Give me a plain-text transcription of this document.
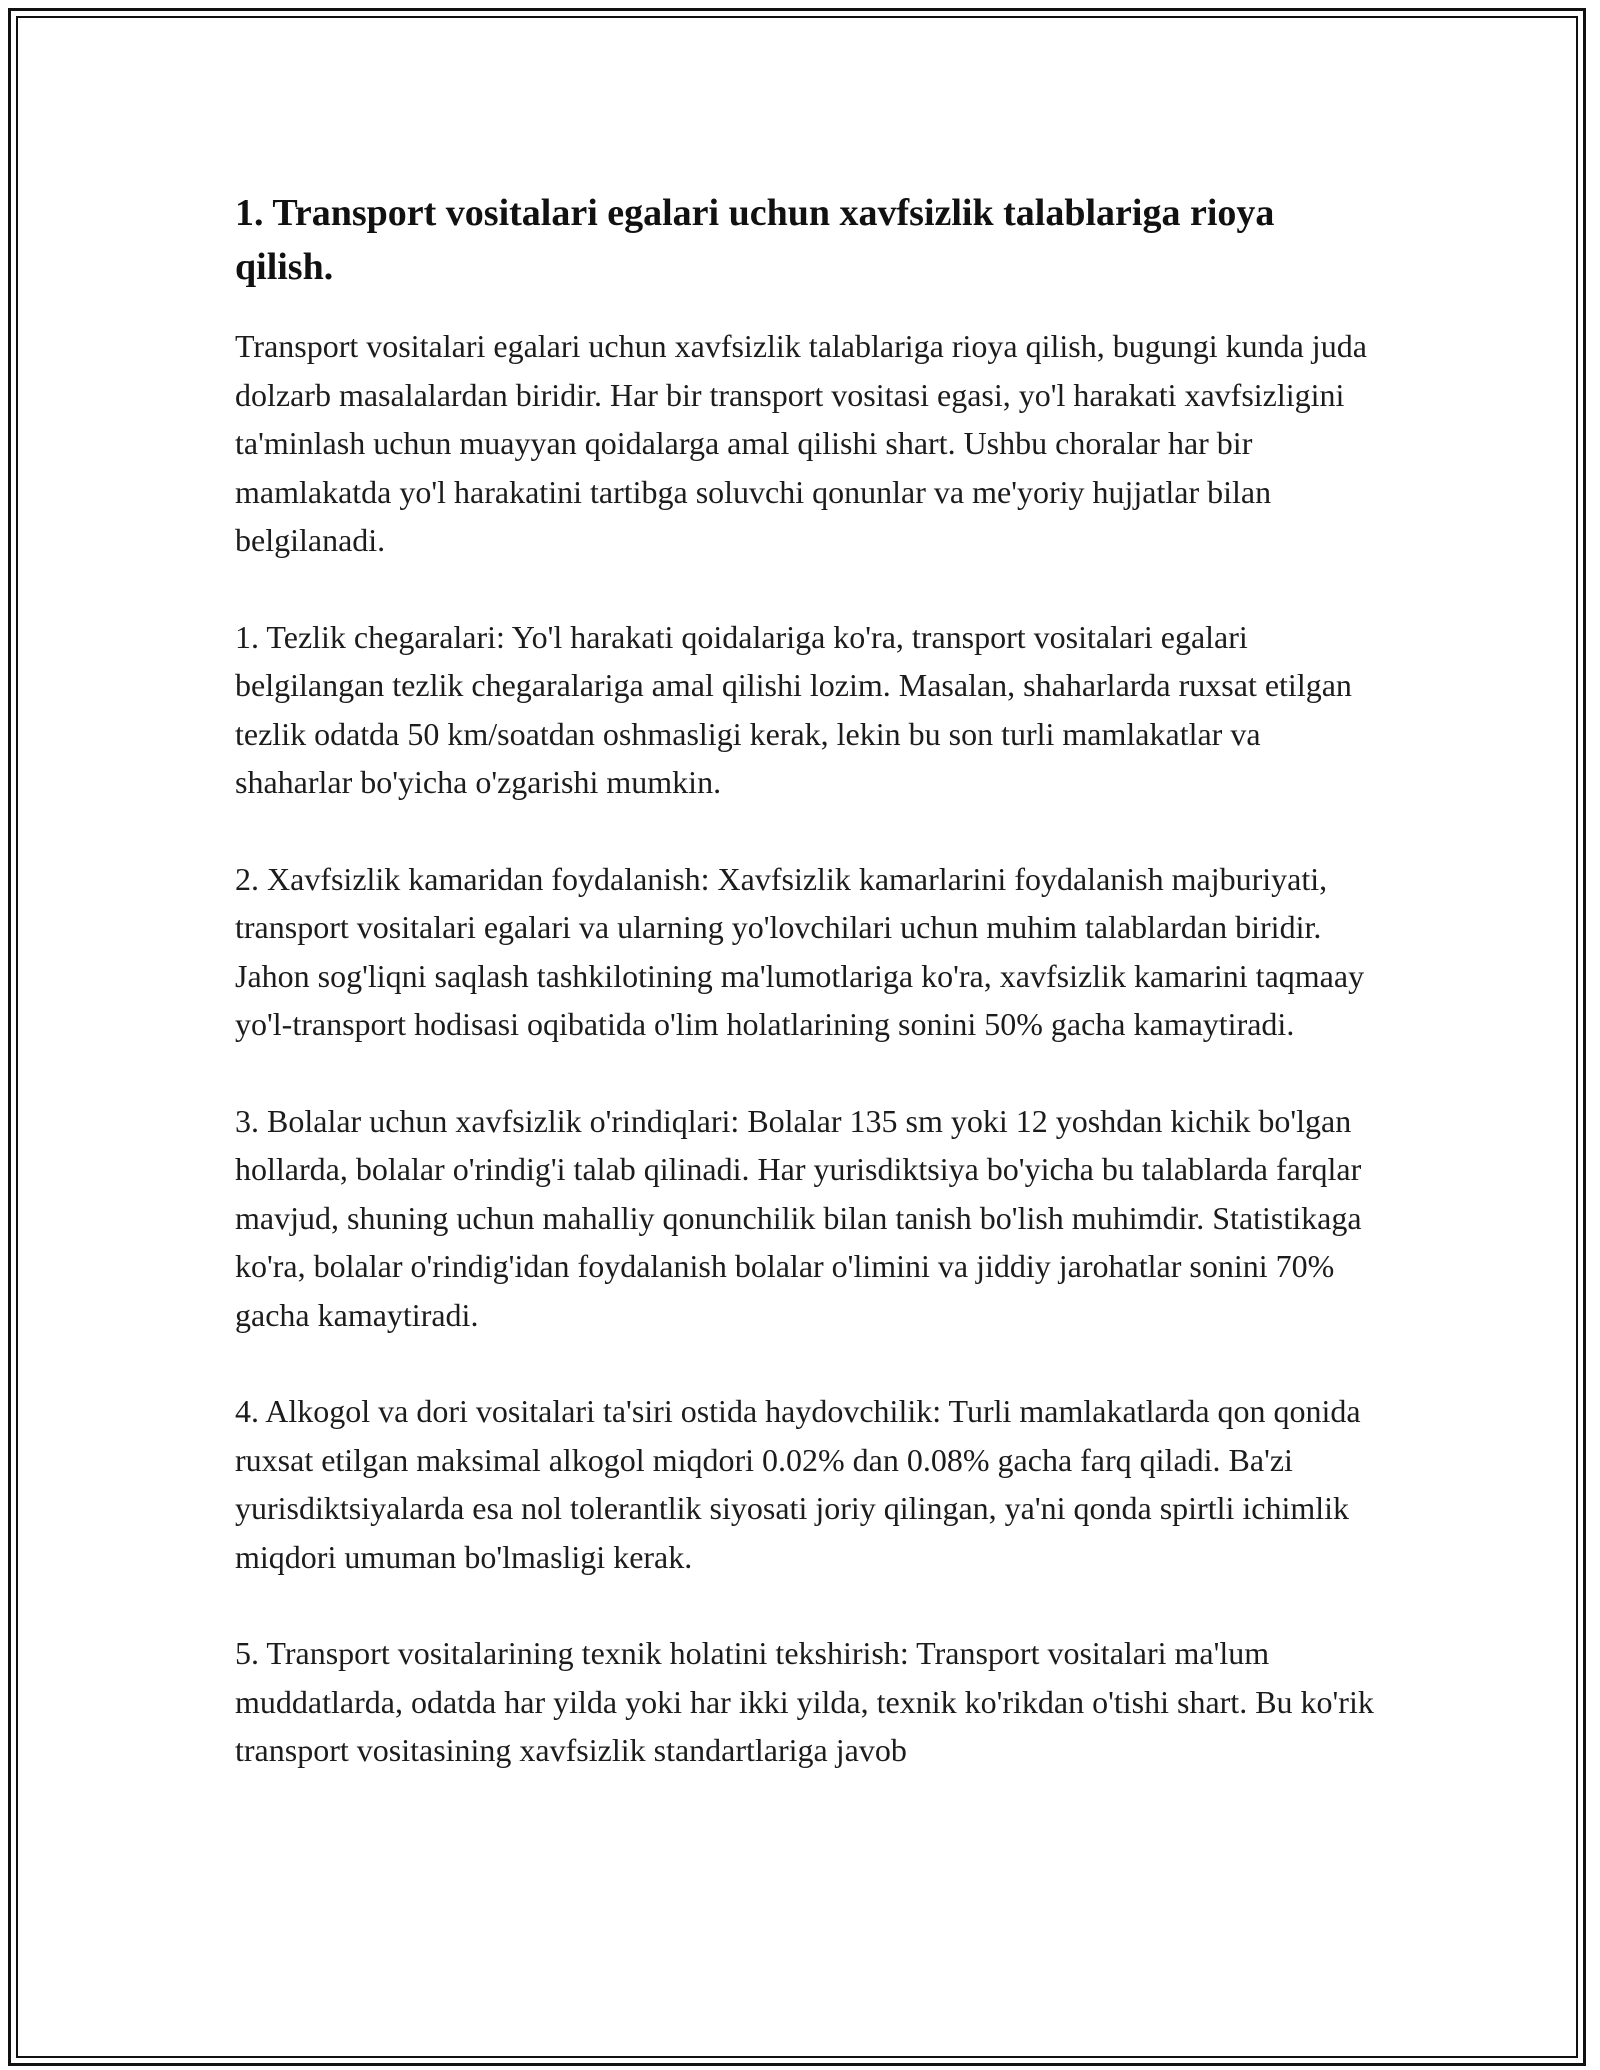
1. Transport vositalari egalari uchun xavfsizlik talablariga rioya qilish.

Transport vositalari egalari uchun xavfsizlik talablariga rioya qilish, bugungi kunda juda dolzarb masalalardan biridir. Har bir transport vositasi egasi, yo'l harakati xavfsizligini ta'minlash uchun muayyan qoidalarga amal qilishi shart. Ushbu choralar har bir mamlakatda yo'l harakatini tartibga soluvchi qonunlar va me'yoriy hujjatlar bilan belgilanadi.

1. Tezlik chegaralari: Yo'l harakati qoidalariga ko'ra, transport vositalari egalari belgilangan tezlik chegaralariga amal qilishi lozim. Masalan, shaharlarda ruxsat etilgan tezlik odatda 50 km/soatdan oshmasligi kerak, lekin bu son turli mamlakatlar va shaharlar bo'yicha o'zgarishi mumkin.

2. Xavfsizlik kamaridan foydalanish: Xavfsizlik kamarlarini foydalanish majburiyati, transport vositalari egalari va ularning yo'lovchilari uchun muhim talablardan biridir. Jahon sog'liqni saqlash tashkilotining ma'lumotlariga ko'ra, xavfsizlik kamarini taqmaay yo'l-transport hodisasi oqibatida o'lim holatlarining sonini 50% gacha kamaytiradi.

3. Bolalar uchun xavfsizlik o'rindiqlari: Bolalar 135 sm yoki 12 yoshdan kichik bo'lgan hollarda, bolalar o'rindig'i talab qilinadi. Har yurisdiktsiya bo'yicha bu talablarda farqlar mavjud, shuning uchun mahalliy qonunchilik bilan tanish bo'lish muhimdir. Statistikaga ko'ra, bolalar o'rindig'idan foydalanish bolalar o'limini va jiddiy jarohatlar sonini 70% gacha kamaytiradi.

4. Alkogol va dori vositalari ta'siri ostida haydovchilik: Turli mamlakatlarda qon qonida ruxsat etilgan maksimal alkogol miqdori 0.02% dan 0.08% gacha farq qiladi. Ba'zi yurisdiktsiyalarda esa nol tolerantlik siyosati joriy qilingan, ya'ni qonda spirtli ichimlik miqdori umuman bo'lmasligi kerak.

5. Transport vositalarining texnik holatini tekshirish: Transport vositalari ma'lum muddatlarda, odatda har yilda yoki har ikki yilda, texnik ko'rikdan o'tishi shart. Bu ko'rik transport vositasining xavfsizlik standartlariga javob
